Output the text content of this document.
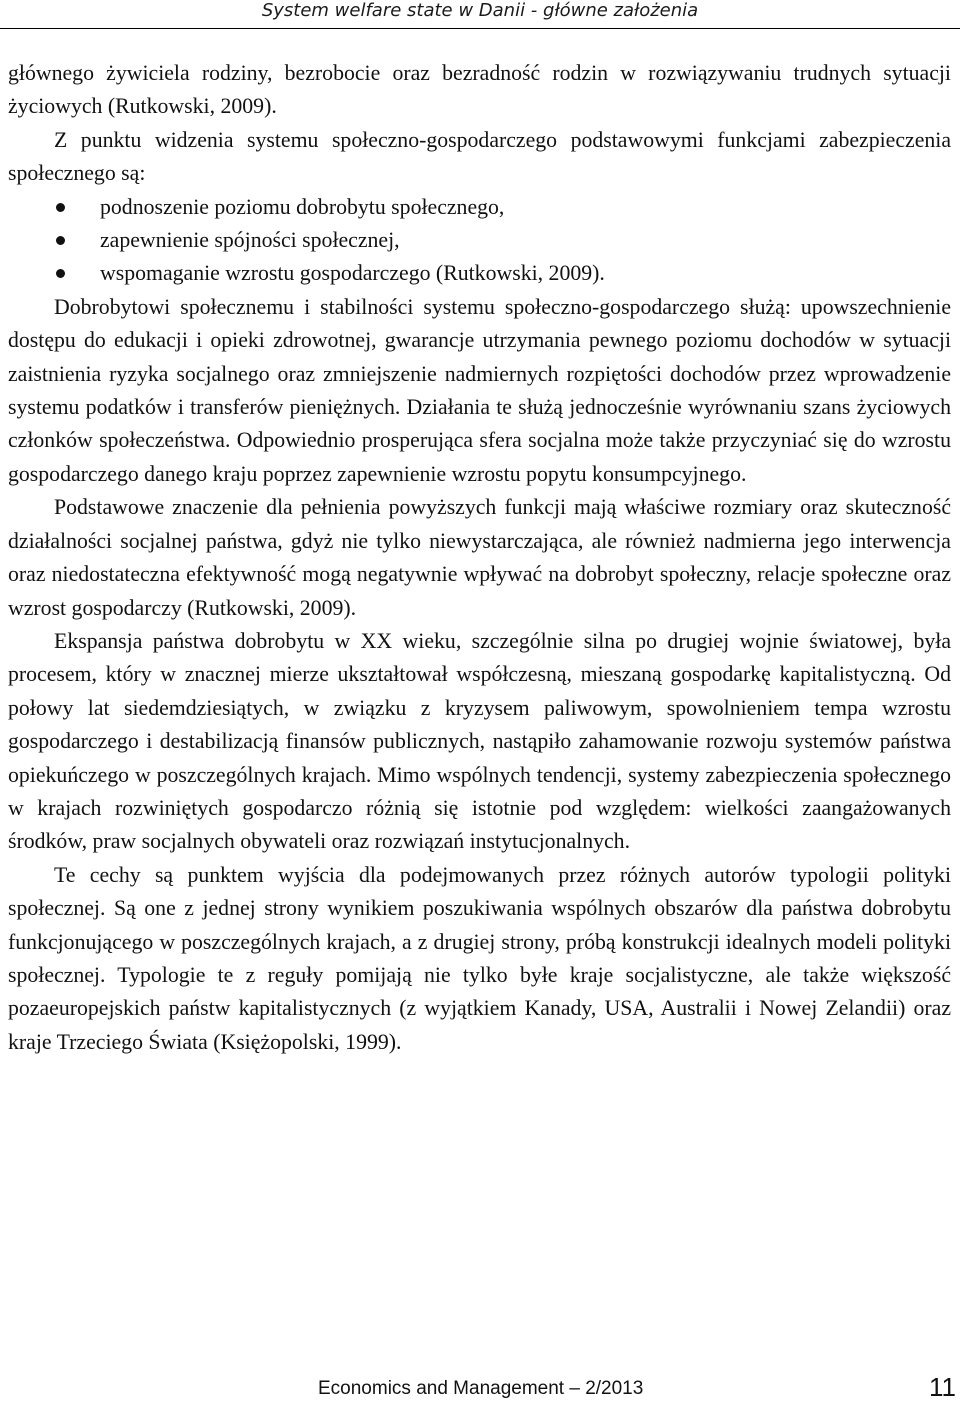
System welfare state w Danii - główne założenia

głównego żywiciela rodziny, bezrobocie oraz bezradność rodzin w rozwiązywaniu trudnych sytuacji życiowych (Rutkowski, 2009).

Z punktu widzenia systemu społeczno-gospodarczego podstawowymi funkcjami zabezpieczenia społecznego są:

podnoszenie poziomu dobrobytu społecznego,
zapewnienie spójności społecznej,
wspomaganie wzrostu gospodarczego (Rutkowski, 2009).

Dobrobytowi społecznemu i stabilności systemu społeczno-gospodarczego służą: upowszechnienie dostępu do edukacji i opieki zdrowotnej, gwarancje utrzymania pewnego poziomu dochodów w sytuacji zaistnienia ryzyka socjalnego oraz zmniejszenie nadmiernych rozpiętości dochodów przez wprowadzenie systemu podatków i transferów pieniężnych. Działania te służą jednocześnie wyrównaniu szans życiowych członków społeczeństwa. Odpowiednio prosperująca sfera socjalna może także przyczyniać się do wzrostu gospodarczego danego kraju poprzez zapewnienie wzrostu popytu konsumpcyjnego.

Podstawowe znaczenie dla pełnienia powyższych funkcji mają właściwe rozmiary oraz skuteczność działalności socjalnej państwa, gdyż nie tylko niewystarczająca, ale również nadmierna jego interwencja oraz niedostateczna efektywność mogą negatywnie wpływać na dobrobyt społeczny, relacje społeczne oraz wzrost gospodarczy (Rutkowski, 2009).

Ekspansja państwa dobrobytu w XX wieku, szczególnie silna po drugiej wojnie światowej, była procesem, który w znacznej mierze ukształtował współczesną, mieszaną gospodarkę kapitalistyczną. Od połowy lat siedemdziesiątych, w związku z kryzysem paliwowym, spowolnieniem tempa wzrostu gospodarczego i destabilizacją finansów publicznych, nastąpiło zahamowanie rozwoju systemów państwa opiekuńczego w poszczególnych krajach. Mimo wspólnych tendencji, systemy zabezpieczenia społecznego w krajach rozwiniętych gospodarczo różnią się istotnie pod względem: wielkości zaangażowanych środków, praw socjalnych obywateli oraz rozwiązań instytucjonalnych.

Te cechy są punktem wyjścia dla podejmowanych przez różnych autorów typologii polityki społecznej. Są one z jednej strony wynikiem poszukiwania wspólnych obszarów dla państwa dobrobytu funkcjonującego w poszczególnych krajach, a z drugiej strony, próbą konstrukcji idealnych modeli polityki społecznej. Typologie te z reguły pomijają nie tylko byłe kraje socjalistyczne, ale także większość pozaeuropejskich państw kapitalistycznych (z wyjątkiem Kanady, USA, Australii i Nowej Zelandii) oraz kraje Trzeciego Świata (Księżopolski, 1999).

Economics and Management – 2/2013	11
